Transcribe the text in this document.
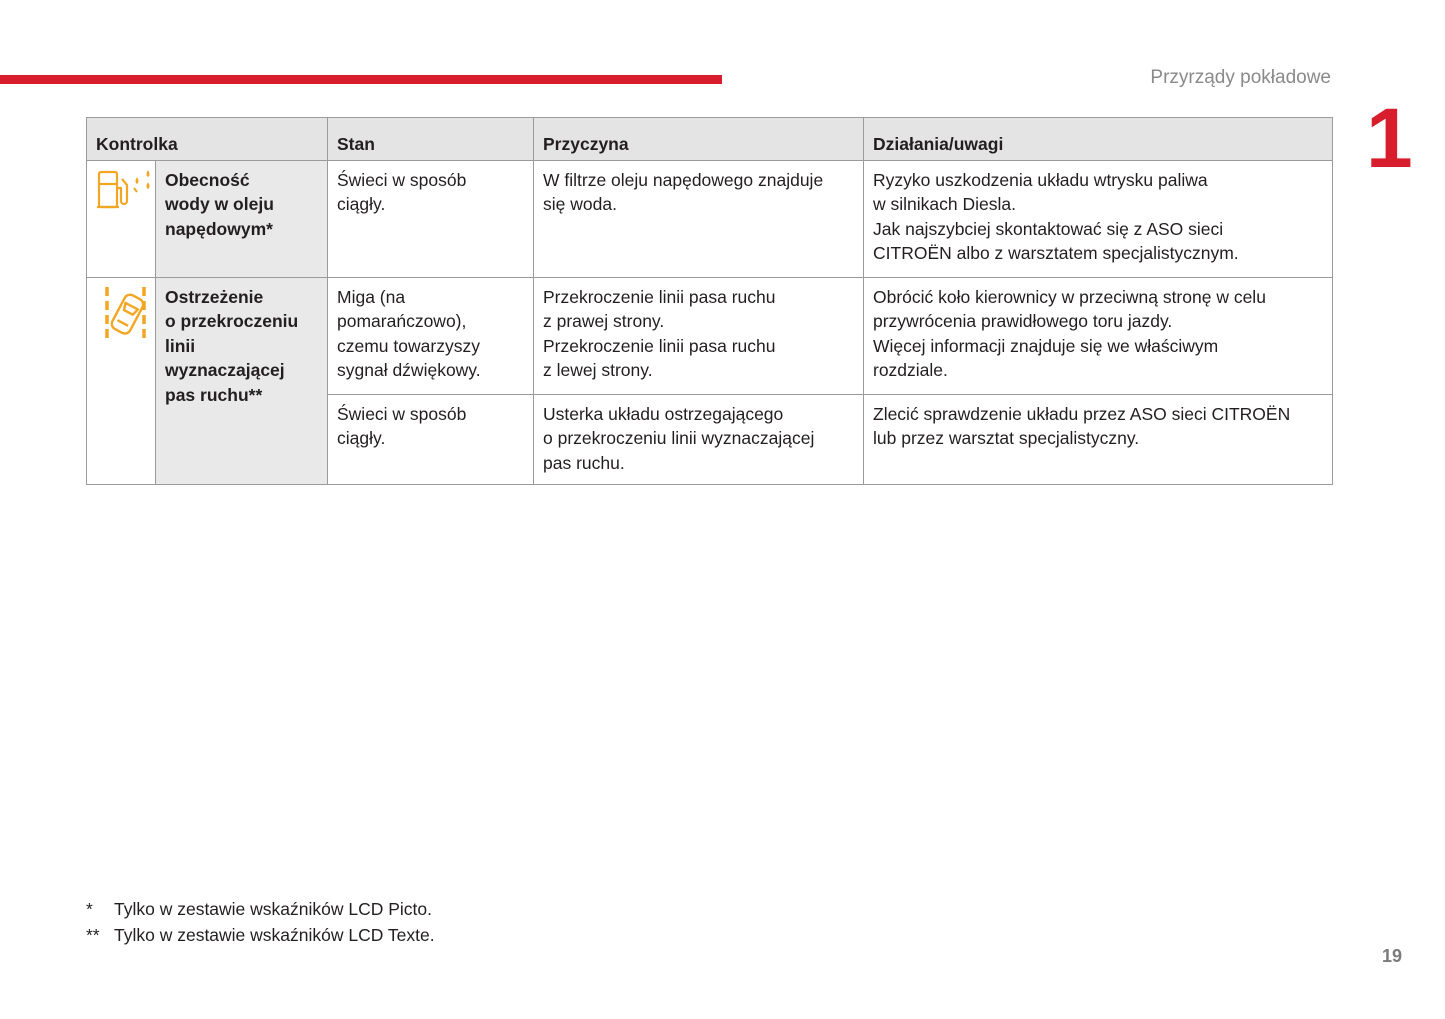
Przyrządy pokładowe
1
Kontrolka		Stan	Przyczyna	Działania/uwagi

Obecność
wody w oleju
napędowym*	Świeci w sposób
ciągły.	W filtrze oleju napędowego znajduje
się woda.	Ryzyko uszkodzenia układu wtrysku paliwa
w silnikach Diesla.
Jak najszybciej skontaktować się z ASO sieci
CITROËN albo z warsztatem specjalistycznym.

Ostrzeżenie
o przekroczeniu
linii
wyznaczającej
pas ruchu**	Miga (na
pomarańczowo),
czemu towarzyszy
sygnał dźwiękowy.	Przekroczenie linii pasa ruchu
z prawej strony.
Przekroczenie linii pasa ruchu
z lewej strony.	Obrócić koło kierownicy w przeciwną stronę w celu
przywrócenia prawidłowego toru jazdy.
Więcej informacji znajduje się we właściwym
rozdziale.

		Świeci w sposób
ciągły.	Usterka układu ostrzegającego
o przekroczeniu linii wyznaczającej
pas ruchu.	Zlecić sprawdzenie układu przez ASO sieci CITROËN
lub przez warsztat specjalistyczny.
*	Tylko w zestawie wskaźników LCD Picto.
** Tylko w zestawie wskaźników LCD Texte.
19
